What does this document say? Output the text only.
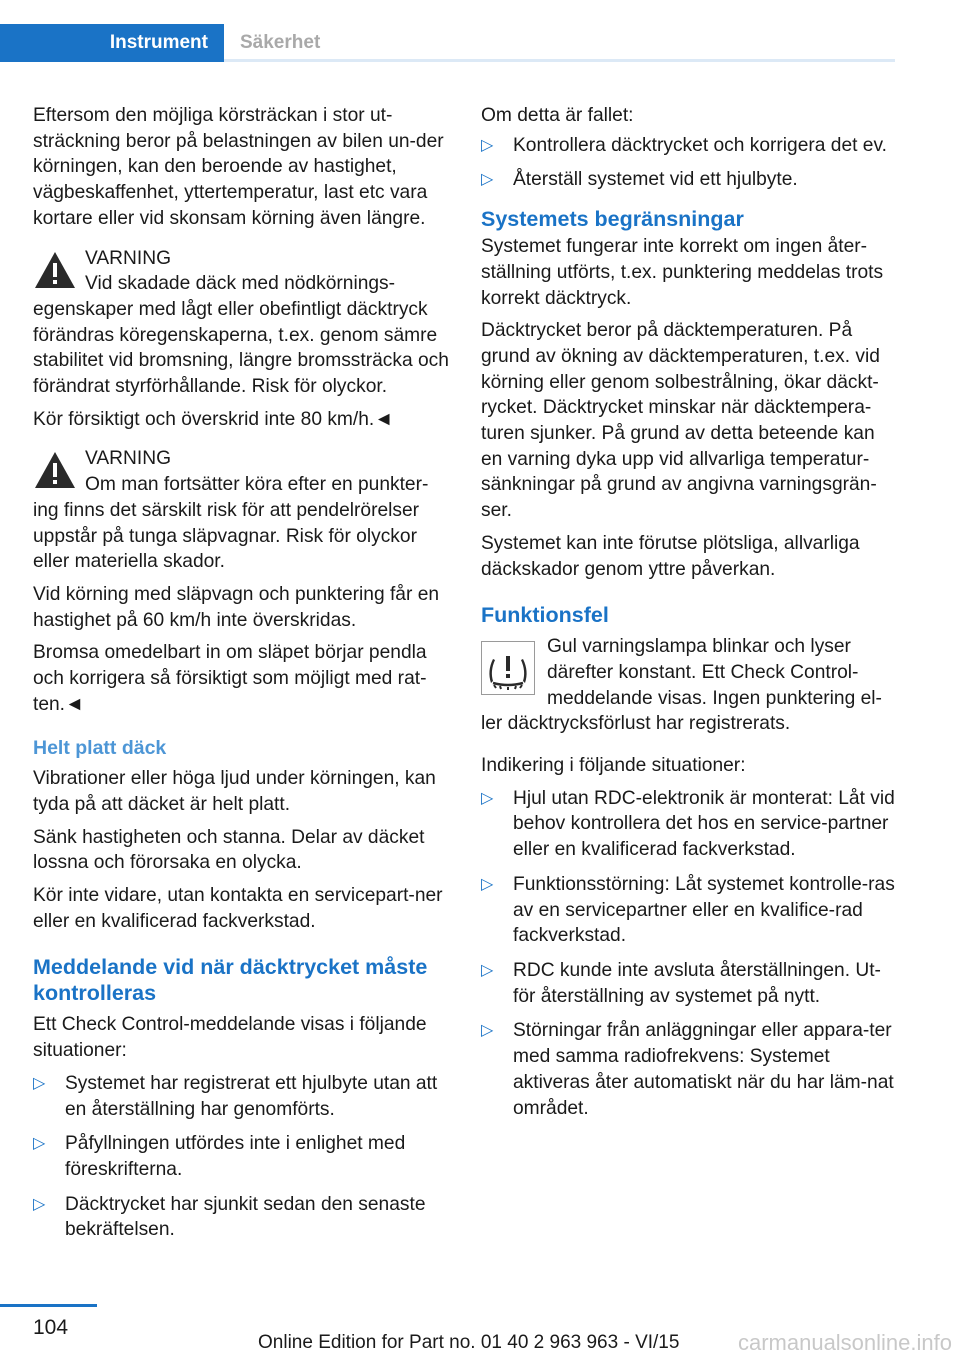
Instrument	Säkerhet

Eftersom den möjliga körsträckan i stor ut-sträckning beror på belastningen av bilen un-der körningen, kan den beroende av hastighet, vägbeskaffenhet, yttertemperatur, last etc vara kortare eller vid skonsam körning även längre.

VARNING

Vid skadade däck med nödkörnings-egenskaper med lågt eller obefintligt däcktryck förändras köregenskaperna, t.ex. genom sämre stabilitet vid bromsning, längre bromssträcka och förändrat styrförhållande. Risk för olyckor.

Kör försiktigt och överskrid inte 80 km/h.◄

VARNING

Om man fortsätter köra efter en punkter-ing finns det särskilt risk för att pendelrörelser uppstår på tunga släpvagnar. Risk för olyckor eller materiella skador.

Vid körning med släpvagn och punktering får en hastighet på 60 km/h inte överskridas.

Bromsa omedelbart in om släpet börjar pendla och korrigera så försiktigt som möjligt med rat-ten.◄

Helt platt däck

Vibrationer eller höga ljud under körningen, kan tyda på att däcket är helt platt.

Sänk hastigheten och stanna. Delar av däcket lossna och förorsaka en olycka.

Kör inte vidare, utan kontakta en servicepart-ner eller en kvalificerad fackverkstad.

Meddelande vid när däcktrycket måste kontrolleras

Ett Check Control-meddelande visas i följande situationer:

▷ Systemet har registrerat ett hjulbyte utan att en återställning har genomförts.
▷ Påfyllningen utfördes inte i enlighet med föreskrifterna.
▷ Däcktrycket har sjunkit sedan den senaste bekräftelsen.

Om detta är fallet:

▷ Kontrollera däcktrycket och korrigera det ev.
▷ Återställ systemet vid ett hjulbyte.
Systemets begränsningar

Systemet fungerar inte korrekt om ingen åter-ställning utförts, t.ex. punktering meddelas trots korrekt däcktryck.

Däcktrycket beror på däcktemperaturen. På grund av ökning av däcktemperaturen, t.ex. vid körning eller genom solbestrålning, ökar däckt-rycket. Däcktrycket minskar när däcktempera-turen sjunker. På grund av detta beteende kan en varning dyka upp vid allvarliga temperatur-sänkningar på grund av angivna varningsgrän-ser.

Systemet kan inte förutse plötsliga, allvarliga däckskador genom yttre påverkan.

Funktionsfel

Gul varningslampa blinkar och lyser därefter konstant. Ett Check Control-meddelande visas. Ingen punktering el-ler däcktrycksförlust har registrerats.

Indikering i följande situationer:

▷ Hjul utan RDC-elektronik är monterat: Låt vid behov kontrollera det hos en service-partner eller en kvalificerad fackverkstad.
▷ Funktionsstörning: Låt systemet kontrolle-ras av en servicepartner eller en kvalifice-rad fackverkstad.
▷ RDC kunde inte avsluta återställningen. Ut-för återställning av systemet på nytt.
▷ Störningar från anläggningar eller appara-ter med samma radiofrekvens: Systemet aktiveras åter automatiskt när du har läm-nat området.
104
Online Edition for Part no. 01 40 2 963 963 - VI/15	carmanualsonline.info
